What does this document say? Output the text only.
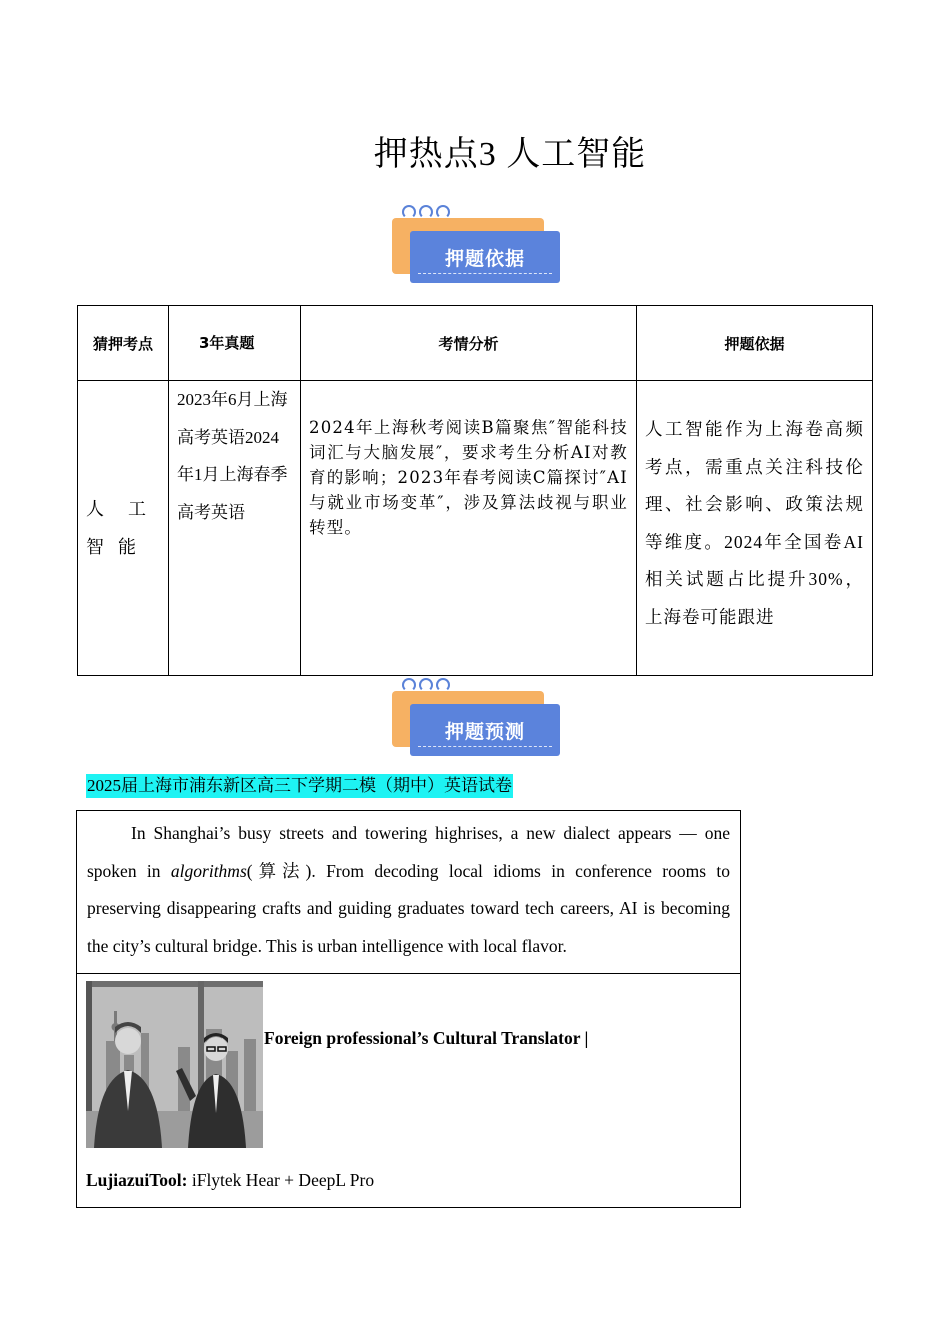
押热点3 人工智能
押题依据
猜押考点	3年真题	考情分析	押题依据
人工智能	2023年6月上海高考英语2024年1月上海春季高考英语	2024年上海秋考阅读B篇聚焦″智能科技词汇与大脑发展″，要求考生分析AI对教育的影响；2023年春考阅读C篇探讨″AI与就业市场变革″，涉及算法歧视与职业转型。	人工智能作为上海卷高频考点，需重点关注科技伦理、社会影响、政策法规等维度。2024年全国卷AI相关试题占比提升30%，上海卷可能跟进
押题预测
2025届上海市浦东新区高三下学期二模（期中）英语试卷
In Shanghai’s busy streets and towering highrises, a new dialect appears — one spoken in algorithms(算法). From decoding local idioms in conference rooms to preserving disappearing crafts and guiding graduates toward tech careers, AI is becoming the city’s cultural bridge. This is urban intelligence with local flavor.
Foreign professional’s Cultural Translator |
LujiazuiTool: iFlytek Hear + DeepL Pro
